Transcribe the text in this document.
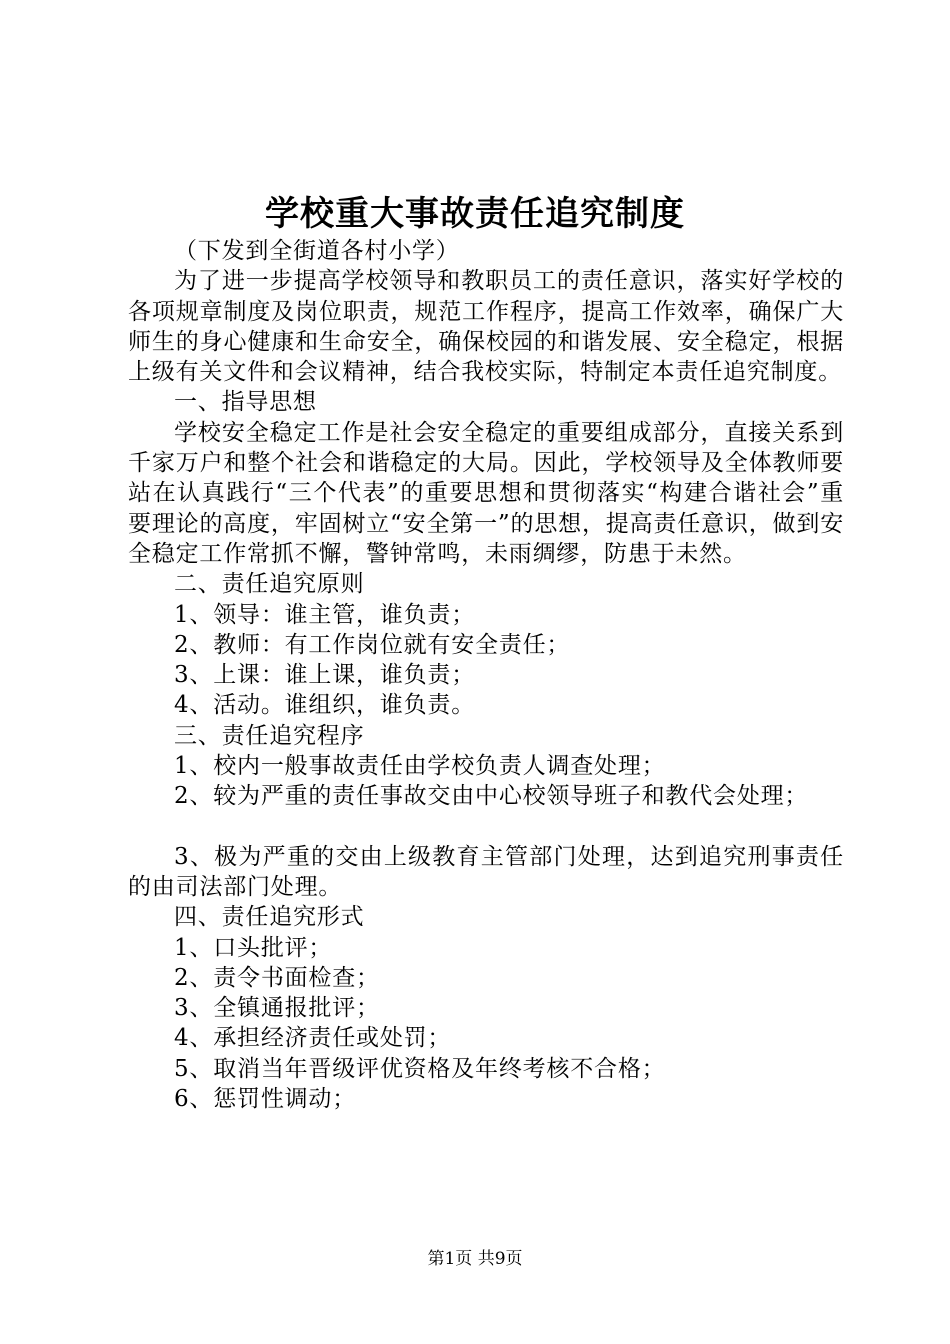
学校重大事故责任追究制度

（下发到全街道各村小学）

为了进一步提高学校领导和教职员工的责任意识，落实好学校的各项规章制度及岗位职责，规范工作程序，提高工作效率，确保广大师生的身心健康和生命安全，确保校园的和谐发展、安全稳定，根据上级有关文件和会议精神，结合我校实际，特制定本责任追究制度。

一、指导思想

学校安全稳定工作是社会安全稳定的重要组成部分，直接关系到千家万户和整个社会和谐稳定的大局。因此，学校领导及全体教师要站在认真践行“三个代表”的重要思想和贯彻落实“构建合谐社会”重要理论的高度，牢固树立“安全第一”的思想，提高责任意识，做到安全稳定工作常抓不懈，警钟常鸣，未雨绸缪，防患于未然。

二、责任追究原则

1、领导：谁主管，谁负责；

2、教师：有工作岗位就有安全责任；

3、上课：谁上课，谁负责；

4、活动。谁组织，谁负责。

三、责任追究程序

1、校内一般事故责任由学校负责人调查处理；

2、较为严重的责任事故交由中心校领导班子和教代会处理；

3、极为严重的交由上级教育主管部门处理，达到追究刑事责任的由司法部门处理。

四、责任追究形式

1、口头批评；

2、责令书面检查；

3、全镇通报批评；

4、承担经济责任或处罚；

5、取消当年晋级评优资格及年终考核不合格；

6、惩罚性调动；

第1页 共9页
